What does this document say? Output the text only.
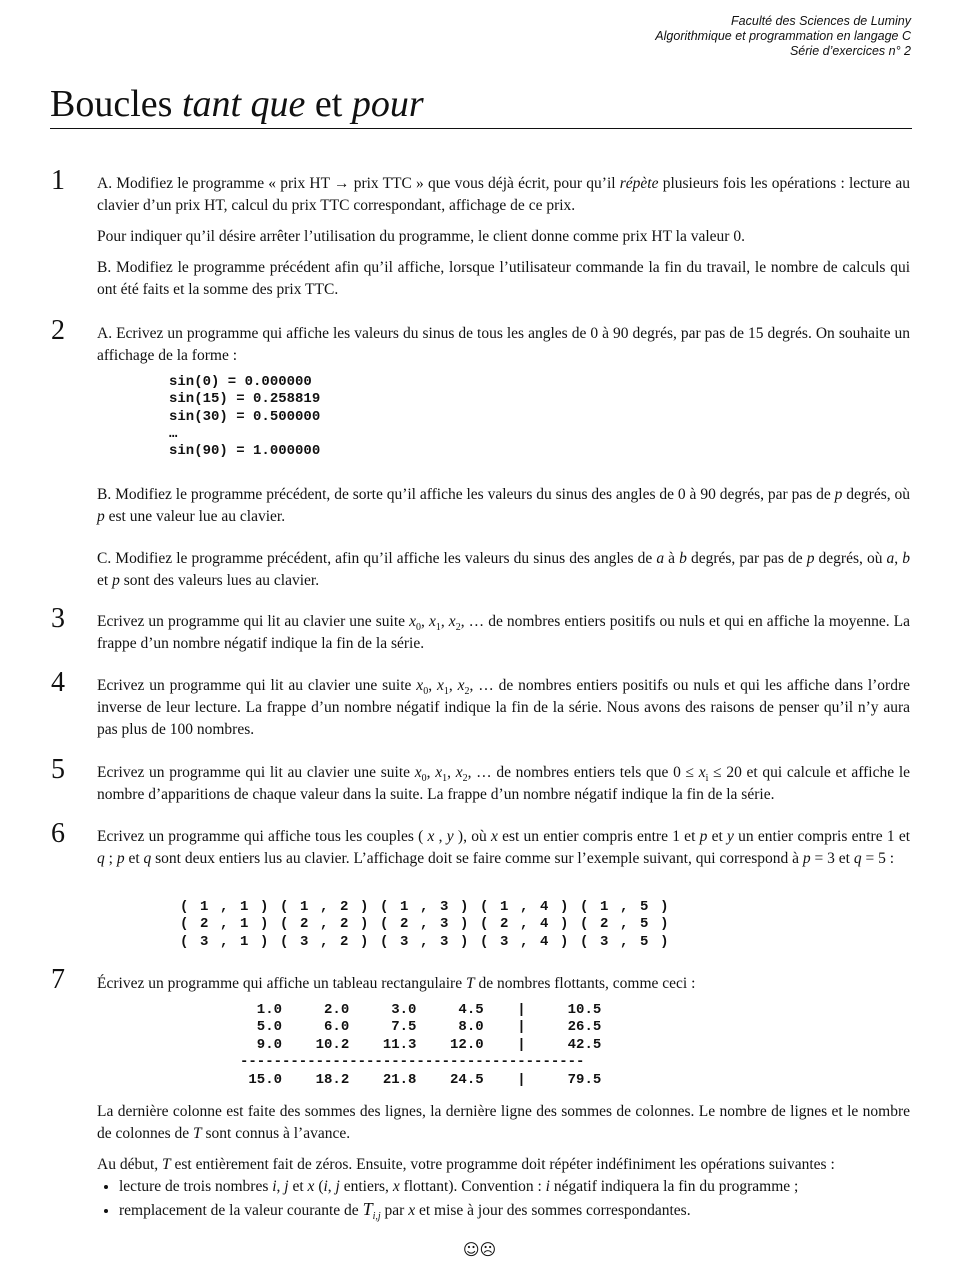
Faculté des Sciences de Luminy
Algorithmique et programmation en langage C
Série d’exercices n° 2
Boucles tant que et pour
1 A. Modifiez le programme « prix HT → prix TTC » que vous déjà écrit, pour qu’il répète plusieurs fois les opérations : lecture au clavier d’un prix HT, calcul du prix TTC correspondant, affichage de ce prix.

Pour indiquer qu’il désire arrêter l’utilisation du programme, le client donne comme prix HT la valeur 0.

B. Modifiez le programme précédent afin qu’il affiche, lorsque l’utilisateur commande la fin du travail, le nombre de calculs qui ont été faits et la somme des prix TTC.

2 A. Ecrivez un programme qui affiche les valeurs du sinus de tous les angles de 0 à 90 degrés, par pas de 15 degrés. On souhaite un affichage de la forme :

sin(0) = 0.000000
sin(15) = 0.258819
sin(30) = 0.500000
…
sin(90) = 1.000000

B. Modifiez le programme précédent, de sorte qu’il affiche les valeurs du sinus des angles de 0 à 90 degrés, par pas de p degrés, où p est une valeur lue au clavier.

C. Modifiez le programme précédent, afin qu’il affiche les valeurs du sinus des angles de a à b degrés, par pas de p degrés, où a, b et p sont des valeurs lues au clavier.

3 Ecrivez un programme qui lit au clavier une suite $x_0$, $x_1$, $x_2$, … de nombres entiers positifs ou nuls et qui en affiche la moyenne. La frappe d’un nombre négatif indique la fin de la série.

4 Ecrivez un programme qui lit au clavier une suite $x_0$, $x_1$, $x_2$, … de nombres entiers positifs ou nuls et qui les affiche dans l’ordre inverse de leur lecture. La frappe d’un nombre négatif indique la fin de la série. Nous avons des raisons de penser qu’il n’y aura pas plus de 100 nombres.

5 Ecrivez un programme qui lit au clavier une suite $x_0$, $x_1$, $x_2$, … de nombres entiers tels que $0 \le x_i \le 20$ et qui calcule et affiche le nombre d’apparitions de chaque valeur dans la suite. La frappe d’un nombre négatif indique la fin de la série.

6 Ecrivez un programme qui affiche tous les couples ( x , y ), où x est un entier compris entre 1 et p et y un entier compris entre 1 et q ; p et q sont deux entiers lus au clavier. L’affichage doit se faire comme sur l’exemple suivant, qui correspond à p = 3 et q = 5 :

( 1 , 1 ) ( 1 , 2 ) ( 1 , 3 ) ( 1 , 4 ) ( 1 , 5 )
( 2 , 1 ) ( 2 , 2 ) ( 2 , 3 ) ( 2 , 4 ) ( 2 , 5 )
( 3 , 1 ) ( 3 , 2 ) ( 3 , 3 ) ( 3 , 4 ) ( 3 , 5 )
7 Écrivez un programme qui affiche un tableau rectangulaire T de nombres flottants, comme ceci :

1.0     2.0     3.0     4.5    |     10.5
5.0     6.0     7.5     8.0    |     26.5
9.0    10.2    11.3    12.0    |     42.5
-----------------------------------------
15.0    18.2    21.8    24.5    |     79.5

La dernière colonne est faite des sommes des lignes, la dernière ligne des sommes de colonnes. Le nombre de lignes et le nombre de colonnes de T sont connus à l’avance.

Au début, T est entièrement fait de zéros. Ensuite, votre programme doit répéter indéfiniment les opérations suivantes :

• lecture de trois nombres i, j et x (i, j entiers, x flottant). Convention : i négatif indiquera la fin du programme ;
• remplacement de la valeur courante de $T_{i,j}$ par x et mise à jour des sommes correspondantes.
☺☹
